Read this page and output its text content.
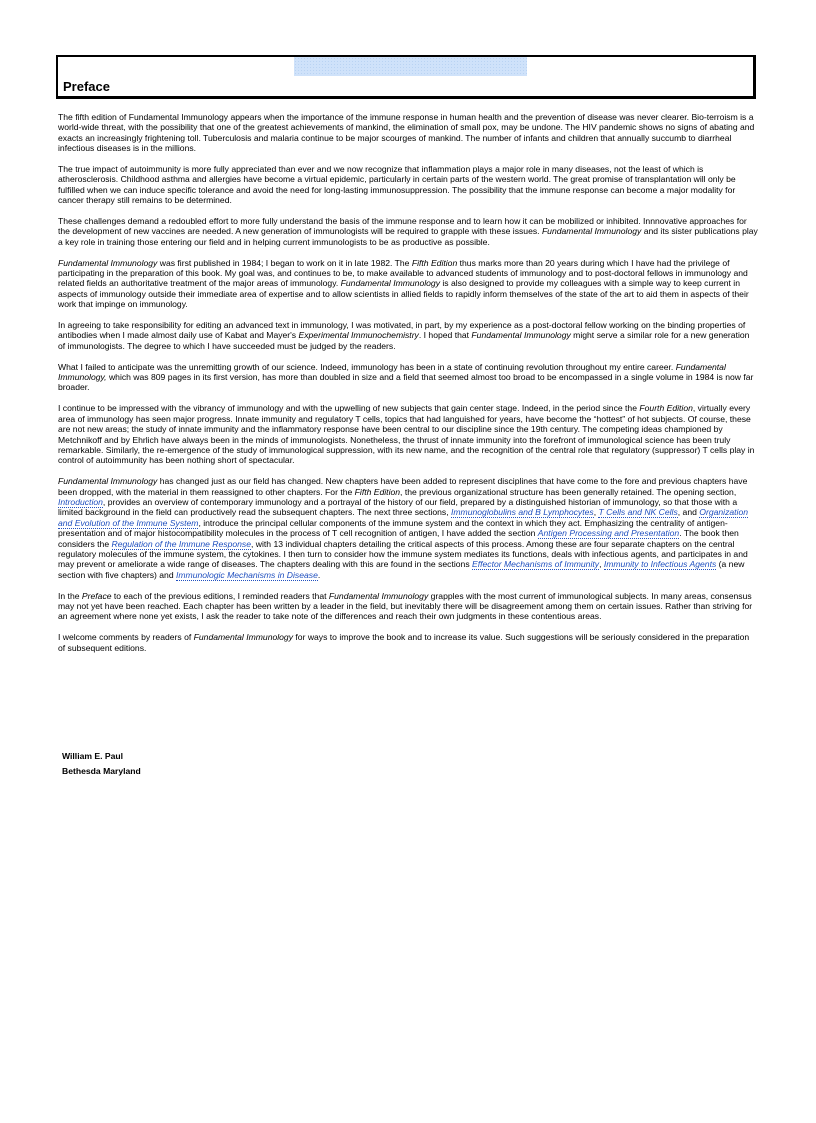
Preface

The fifth edition of Fundamental Immunology appears when the importance of the immune response in human health and the prevention of disease was never clearer. Bio-terroism is a world-wide threat, with the possibility that one of the greatest achievements of mankind, the elimination of small pox, may be undone. The HIV pandemic shows no signs of abating and exacts an increasingly frightening toll. Tuberculosis and malaria continue to be major scourges of mankind. The number of infants and children that annually succumb to diarrheal infectious diseases is in the millions.

The true impact of autoimmunity is more fully appreciated than ever and we now recognize that inflammation plays a major role in many diseases, not the least of which is atherosclerosis. Childhood asthma and allergies have become a virtual epidemic, particularly in certain parts of the western world. The great promise of transplantation will only be fulfilled when we can induce specific tolerance and avoid the need for long-lasting immunosuppression. The possibility that the immune response can become a major modality for cancer therapy still remains to be determined.

These challenges demand a redoubled effort to more fully understand the basis of the immune response and to learn how it can be mobilized or inhibited. Innnovative approaches for the development of new vaccines are needed. A new generation of immunologists will be required to grapple with these issues. Fundamental Immunology and its sister publications play a key role in training those entering our field and in helping current immunologists to be as productive as possible.

Fundamental Immunology was first published in 1984; I began to work on it in late 1982. The Fifth Edition thus marks more than 20 years during which I have had the privilege of participating in the preparation of this book. My goal was, and continues to be, to make available to advanced students of immunology and to post-doctoral fellows in immunology and related fields an authoritative treatment of the major areas of immunology. Fundamental Immunology is also designed to provide my colleagues with a simple way to keep current in aspects of immunology outside their immediate area of expertise and to allow scientists in allied fields to rapidly inform themselves of the state of the art to aid them in aspects of their work that impinge on immunology.

In agreeing to take responsibility for editing an advanced text in immunology, I was motivated, in part, by my experience as a post-doctoral fellow working on the binding properties of antibodies when I made almost daily use of Kabat and Mayer's Experimental Immunochemistry. I hoped that Fundamental Immunology might serve a similar role for a new generation of immunologists. The degree to which I have succeeded must be judged by the readers.

What I failed to anticipate was the unremitting growth of our science. Indeed, immunology has been in a state of continuing revolution throughout my entire career. Fundamental Immunology, which was 809 pages in its first version, has more than doubled in size and a field that seemed almost too broad to be encompassed in a single volume in 1984 is now far broader.

I continue to be impressed with the vibrancy of immunology and with the upwelling of new subjects that gain center stage. Indeed, in the period since the Fourth Edition, virtually every area of immunology has seen major progress. Innate immunity and regulatory T cells, topics that had languished for years, have become the “hottest” of hot subjects. Of course, these are not new areas; the study of innate immunity and the inflammatory response have been central to our discipline since the 19th century. The competing ideas championed by Metchnikoff and by Ehrlich have always been in the minds of immunologists. Nonetheless, the thrust of innate immunity into the forefront of immunological science has been truly remarkable. Similarly, the re-emergence of the study of immunological suppression, with its new name, and the recognition of the central role that regulatory (suppressor) T cells play in control of autoimmunity has been nothing short of spectacular.

Fundamental Immunology has changed just as our field has changed. New chapters have been added to represent disciplines that have come to the fore and previous chapters have been dropped, with the material in them reassigned to other chapters. For the Fifth Edition, the previous organizational structure has been generally retained. The opening section, Introduction, provides an overview of contemporary immunology and a portrayal of the history of our field, prepared by a distinguished historian of immunology, so that those with a limited background in the field can productively read the subsequent chapters. The next three sections, Immunoglobulins and B Lymphocytes, T Cells and NK Cells, and Organization and Evolution of the Immune System, introduce the principal cellular components of the immune system and the context in which they act. Emphasizing the centrality of antigen-presentation and of major histocompatibility molecules in the process of T cell recognition of antigen, I have added the section Antigen Processing and Presentation. The book then considers the Regulation of the Immune Response, with 13 individual chapters detailing the critical aspects of this process. Among these are four separate chapters on the central regulatory molecules of the immune system, the cytokines. I then turn to consider how the immune system mediates its functions, deals with infectious agents, and participates in and may prevent or ameliorate a wide range of diseases. The chapters dealing with this are found in the sections Effector Mechanisms of Immunity, Immunity to Infectious Agents (a new section with five chapters) and Immunologic Mechanisms in Disease.

In the Preface to each of the previous editions, I reminded readers that Fundamental Immunology grapples with the most current of immunological subjects. In many areas, consensus may not yet have been reached. Each chapter has been written by a leader in the field, but inevitably there will be disagreement among them on certain issues. Rather than striving for an agreement where none yet exists, I ask the reader to take note of the differences and reach their own judgments in these contentious areas.

I welcome comments by readers of Fundamental Immunology for ways to improve the book and to increase its value. Such suggestions will be seriously considered in the preparation of subsequent editions.

William E. Paul
Bethesda Maryland
